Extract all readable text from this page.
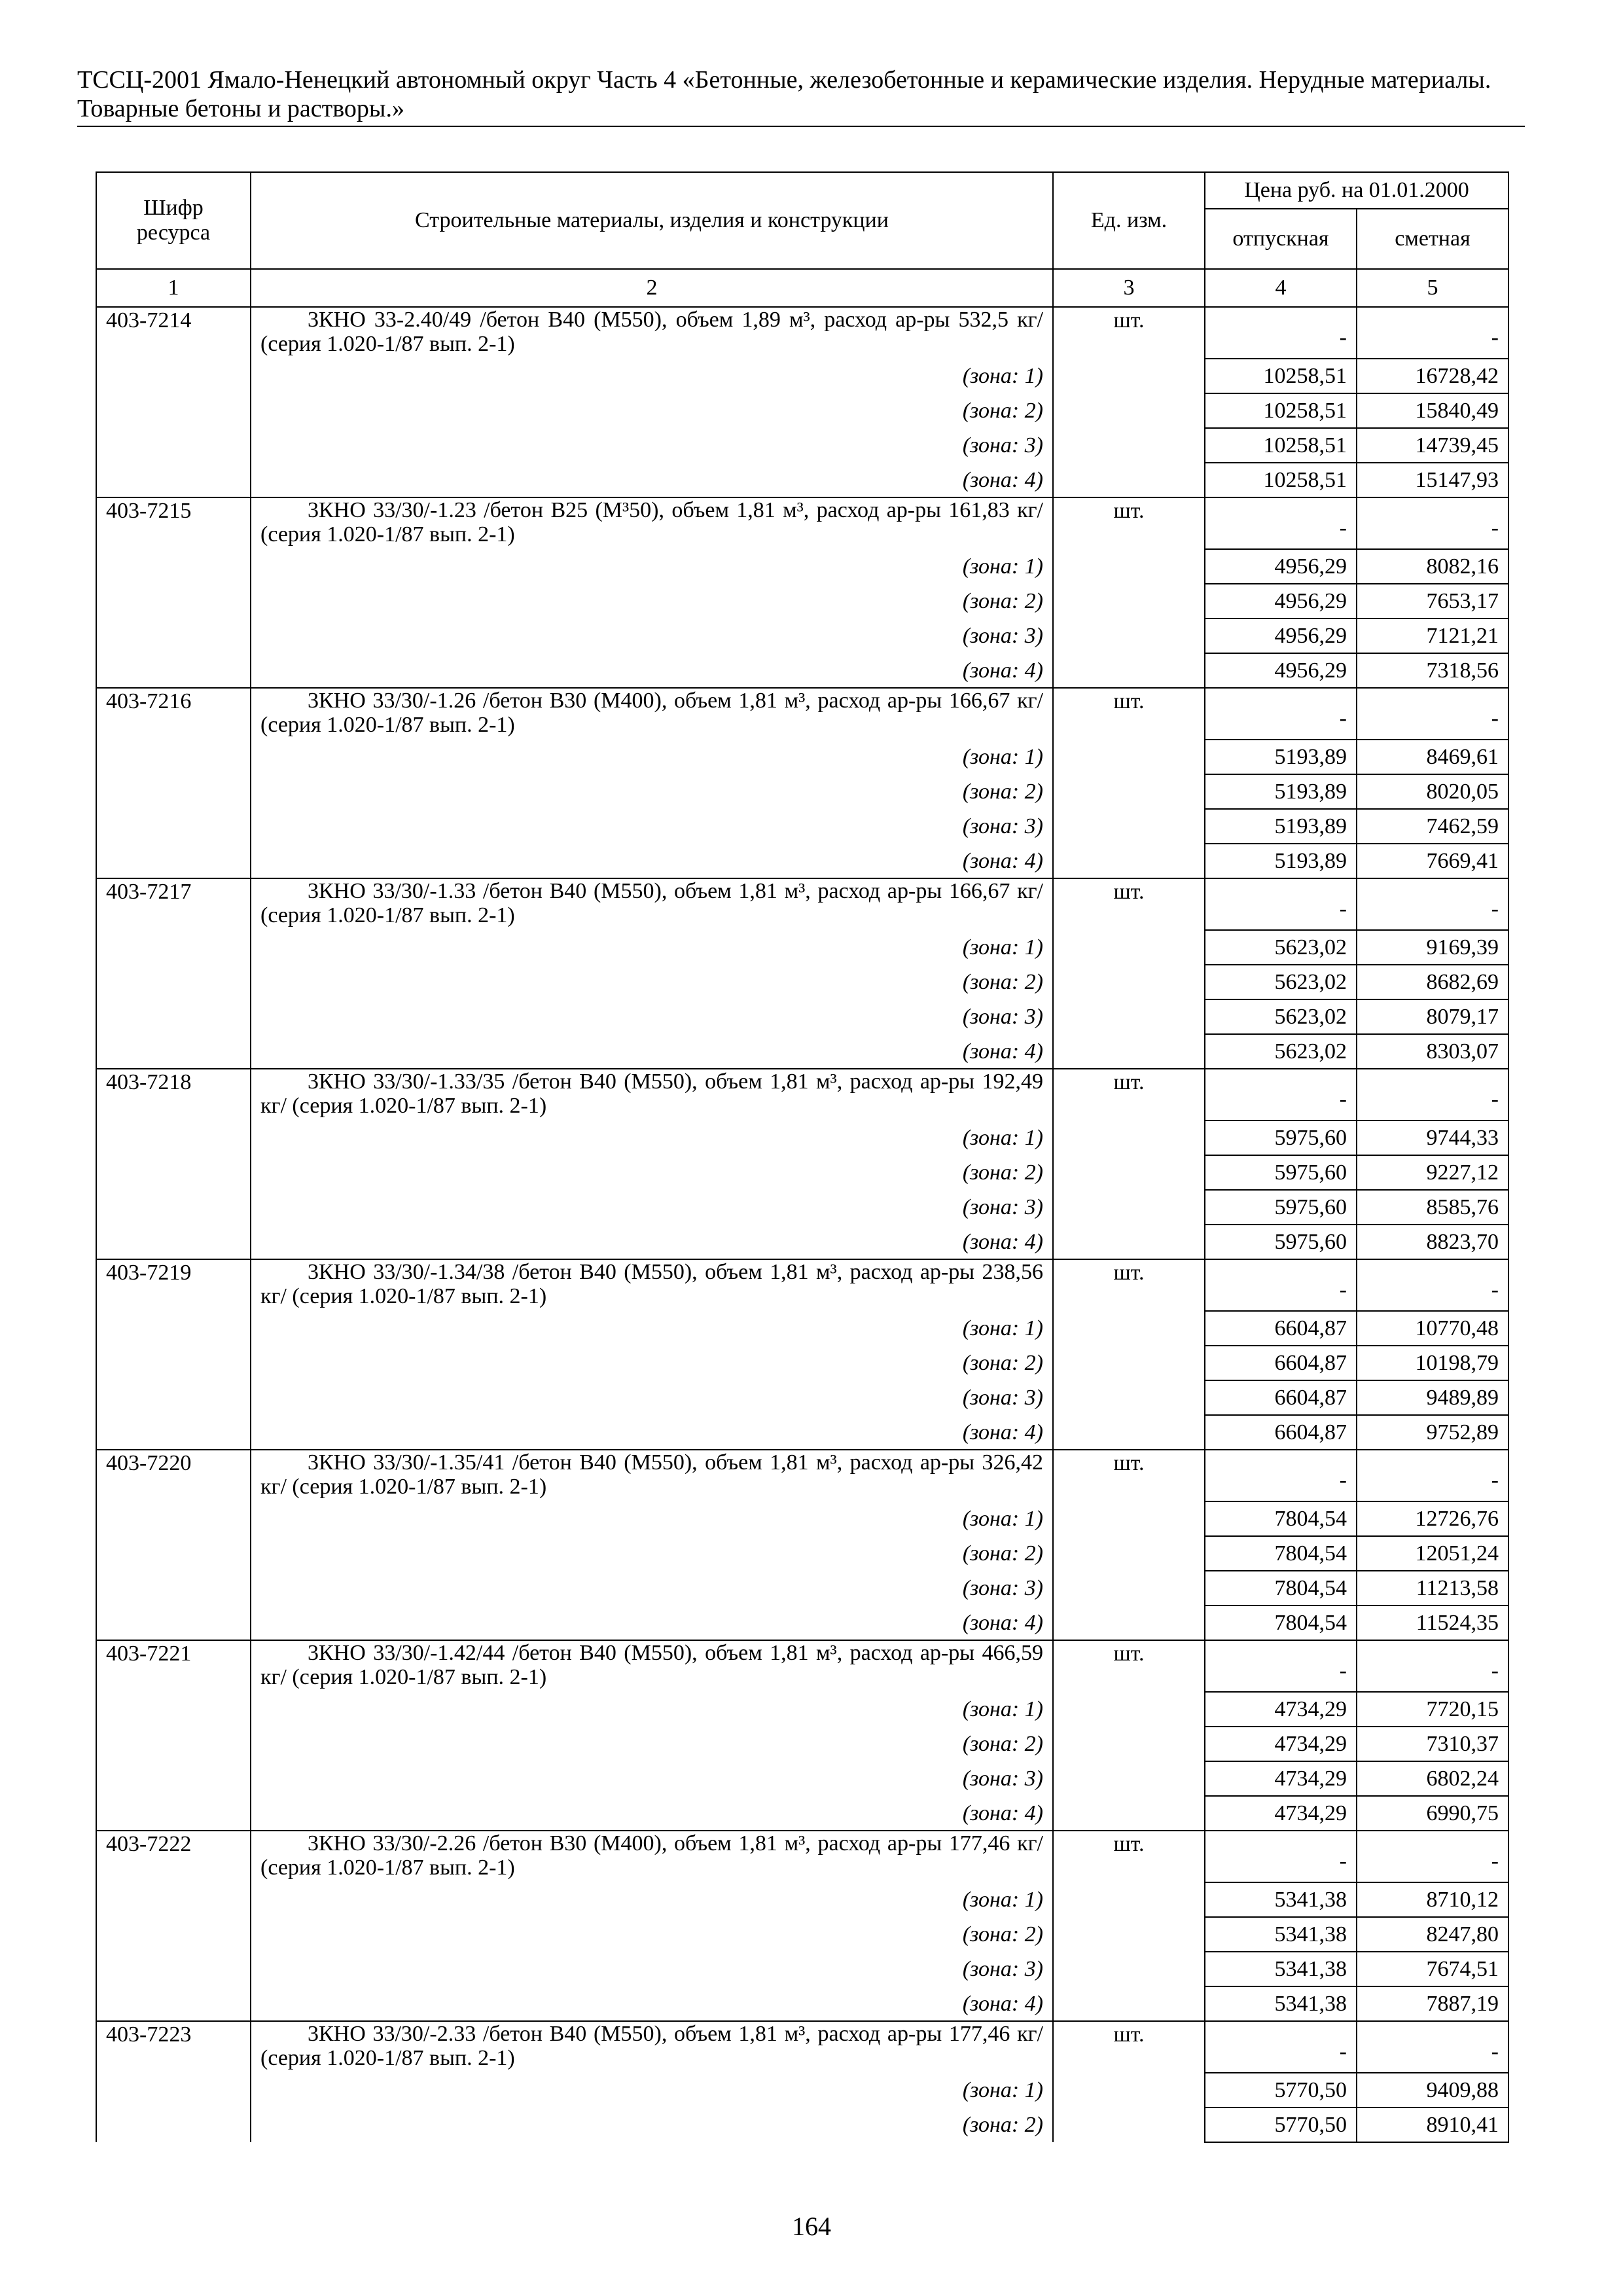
ТССЦ-2001 Ямало-Ненецкий автономный округ Часть 4 «Бетонные, железобетонные и керамические изделия. Нерудные материалы.
Товарные бетоны и растворы.»
Шифр ресурса	Строительные материалы, изделия и конструкции	Ед. изм.	Цена руб. на 01.01.2000	
			отпускная	сметная
1	2	3	4	5
403-7214	3КНО 33-2.40/49 /бетон В40 (М550), объем 1,89 м³, расход ар-ры 532,5 кг/ (серия 1.020-1/87 вып. 2-1)	шт.	-	-
	(зона: 1)		10258,51	16728,42
	(зона: 2)		10258,51	15840,49
	(зона: 3)		10258,51	14739,45
	(зона: 4)		10258,51	15147,93
403-7215	3КНО 33/30/-1.23 /бетон В25 (М³50), объем 1,81 м³, расход ар-ры 161,83 кг/ (серия 1.020-1/87 вып. 2-1)	шт.	-	-
	(зона: 1)		4956,29	8082,16
	(зона: 2)		4956,29	7653,17
	(зона: 3)		4956,29	7121,21
	(зона: 4)		4956,29	7318,56
403-7216	3КНО 33/30/-1.26 /бетон В30 (М400), объем 1,81 м³, расход ар-ры 166,67 кг/ (серия 1.020-1/87 вып. 2-1)	шт.	-	-
	(зона: 1)		5193,89	8469,61
	(зона: 2)		5193,89	8020,05
	(зона: 3)		5193,89	7462,59
	(зона: 4)		5193,89	7669,41
403-7217	3КНО 33/30/-1.33 /бетон В40 (М550), объем 1,81 м³, расход ар-ры 166,67 кг/ (серия 1.020-1/87 вып. 2-1)	шт.	-	-
	(зона: 1)		5623,02	9169,39
	(зона: 2)		5623,02	8682,69
	(зона: 3)		5623,02	8079,17
	(зона: 4)		5623,02	8303,07
403-7218	3КНО 33/30/-1.33/35 /бетон В40 (М550), объем 1,81 м³, расход ар-ры 192,49 кг/ (серия 1.020-1/87 вып. 2-1)	шт.	-	-
	(зона: 1)		5975,60	9744,33
	(зона: 2)		5975,60	9227,12
	(зона: 3)		5975,60	8585,76
	(зона: 4)		5975,60	8823,70
403-7219	3КНО 33/30/-1.34/38 /бетон В40 (М550), объем 1,81 м³, расход ар-ры 238,56 кг/ (серия 1.020-1/87 вып. 2-1)	шт.	-	-
	(зона: 1)		6604,87	10770,48
	(зона: 2)		6604,87	10198,79
	(зона: 3)		6604,87	9489,89
	(зона: 4)		6604,87	9752,89
403-7220	3КНО 33/30/-1.35/41 /бетон В40 (М550), объем 1,81 м³, расход ар-ры 326,42 кг/ (серия 1.020-1/87 вып. 2-1)	шт.	-	-
	(зона: 1)		7804,54	12726,76
	(зона: 2)		7804,54	12051,24
	(зона: 3)		7804,54	11213,58
	(зона: 4)		7804,54	11524,35
403-7221	3КНО 33/30/-1.42/44 /бетон В40 (М550), объем 1,81 м³, расход ар-ры 466,59 кг/ (серия 1.020-1/87 вып. 2-1)	шт.	-	-
	(зона: 1)		4734,29	7720,15
	(зона: 2)		4734,29	7310,37
	(зона: 3)		4734,29	6802,24
	(зона: 4)		4734,29	6990,75
403-7222	3КНО 33/30/-2.26 /бетон В30 (М400), объем 1,81 м³, расход ар-ры 177,46 кг/ (серия 1.020-1/87 вып. 2-1)	шт.	-	-
	(зона: 1)		5341,38	8710,12
	(зона: 2)		5341,38	8247,80
	(зона: 3)		5341,38	7674,51
	(зона: 4)		5341,38	7887,19
403-7223	3КНО 33/30/-2.33 /бетон В40 (М550), объем 1,81 м³, расход ар-ры 177,46 кг/ (серия 1.020-1/87 вып. 2-1)	шт.	-	-
	(зона: 1)		5770,50	9409,88
	(зона: 2)		5770,50	8910,41
164
